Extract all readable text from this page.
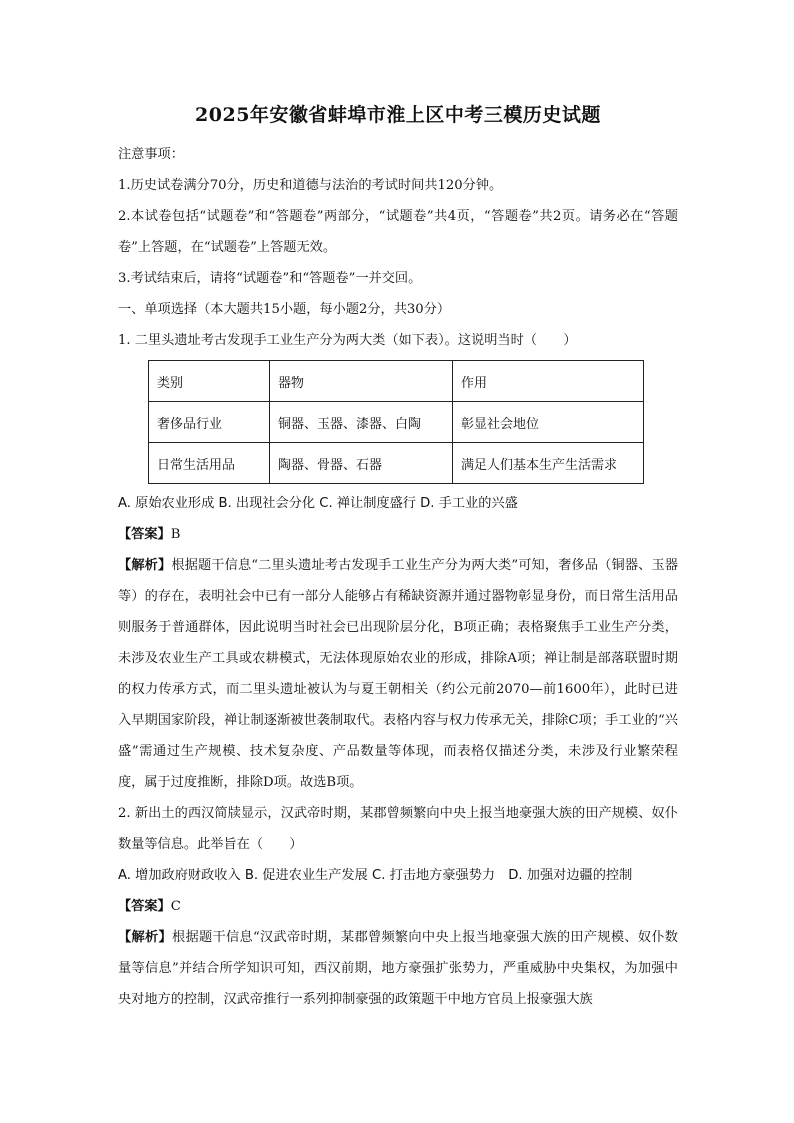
2025年安徽省蚌埠市淮上区中考三模历史试题

注意事项：

1.历史试卷满分70分，历史和道德与法治的考试时间共120分钟。

2.本试卷包括“试题卷”和“答题卷”两部分，“试题卷”共4页，“答题卷”共2页。请务必在“答题卷”上答题，在“试题卷”上答题无效。

3.考试结束后，请将“试题卷”和“答题卷”一并交回。

一、单项选择（本大题共15小题，每小题2分，共30分）

1. 二里头遗址考古发现手工业生产分为两大类（如下表）。这说明当时（　　）

类别	器物	作用
奢侈品行业	铜器、玉器、漆器、白陶	彰显社会地位
日常生活用品	陶器、骨器、石器	满足人们基本生产生活需求

A. 原始农业形成 B. 出现社会分化 C. 禅让制度盛行 D. 手工业的兴盛

【答案】B

【解析】根据题干信息“二里头遗址考古发现手工业生产分为两大类”可知，奢侈品（铜器、玉器等）的存在，表明社会中已有一部分人能够占有稀缺资源并通过器物彰显身份，而日常生活用品则服务于普通群体，因此说明当时社会已出现阶层分化，B项正确；表格聚焦手工业生产分类，未涉及农业生产工具或农耕模式，无法体现原始农业的形成，排除A项；禅让制是部落联盟时期的权力传承方式，而二里头遗址被认为与夏王朝相关（约公元前2070—前1600年），此时已进入早期国家阶段，禅让制逐渐被世袭制取代。表格内容与权力传承无关，排除C项；手工业的“兴盛”需通过生产规模、技术复杂度、产品数量等体现，而表格仅描述分类，未涉及行业繁荣程度，属于过度推断，排除D项。故选B项。

2. 新出土的西汉简牍显示，汉武帝时期，某郡曾频繁向中央上报当地豪强大族的田产规模、奴仆数量等信息。此举旨在（　　）

A. 增加政府财政收入 B. 促进农业生产发展 C. 打击地方豪强势力　D. 加强对边疆的控制

【答案】C

【解析】根据题干信息“汉武帝时期，某郡曾频繁向中央上报当地豪强大族的田产规模、奴仆数量等信息”并结合所学知识可知，西汉前期，地方豪强扩张势力，严重威胁中央集权，为加强中央对地方的控制，汉武帝推行一系列抑制豪强的政策题干中地方官员上报豪强大族
